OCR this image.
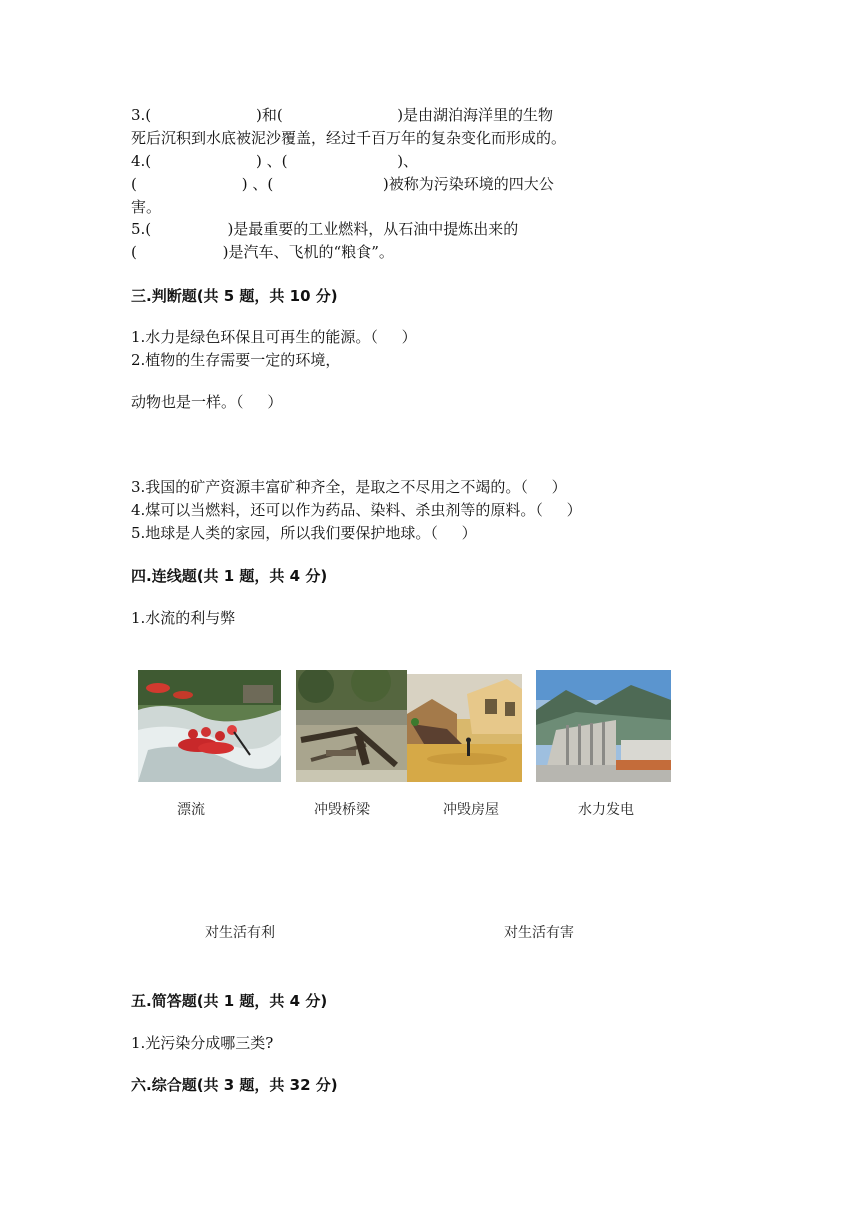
3.(                      )和(                        )是由湖泊海洋里的生物
死后沉积到水底被泥沙覆盖，经过千百万年的复杂变化而形成的。
4.(                      ) 、(                       )、
(                      ) 、(                       )被称为污染环境的四大公
害。
5.(                )是最重要的工业燃料，从石油中提炼出来的
(                  )是汽车、飞机的“粮食”。
三.判断题(共 5 题，共 10 分)
1.水力是绿色环保且可再生的能源。（     ）
2.植物的生存需要一定的环境，
动物也是一样。（     ）
3.我国的矿产资源丰富矿种齐全，是取之不尽用之不竭的。（     ）
4.煤可以当燃料，还可以作为药品、染料、杀虫剂等的原料。（     ）
5.地球是人类的家园，所以我们要保护地球。（     ）
四.连线题(共 1 题，共 4 分)
1.水流的利与弊
漂流	冲毁桥梁	冲毁房屋	水力发电
对生活有利	对生活有害
五.简答题(共 1 题，共 4 分)
1.光污染分成哪三类?
六.综合题(共 3 题，共 32 分)
